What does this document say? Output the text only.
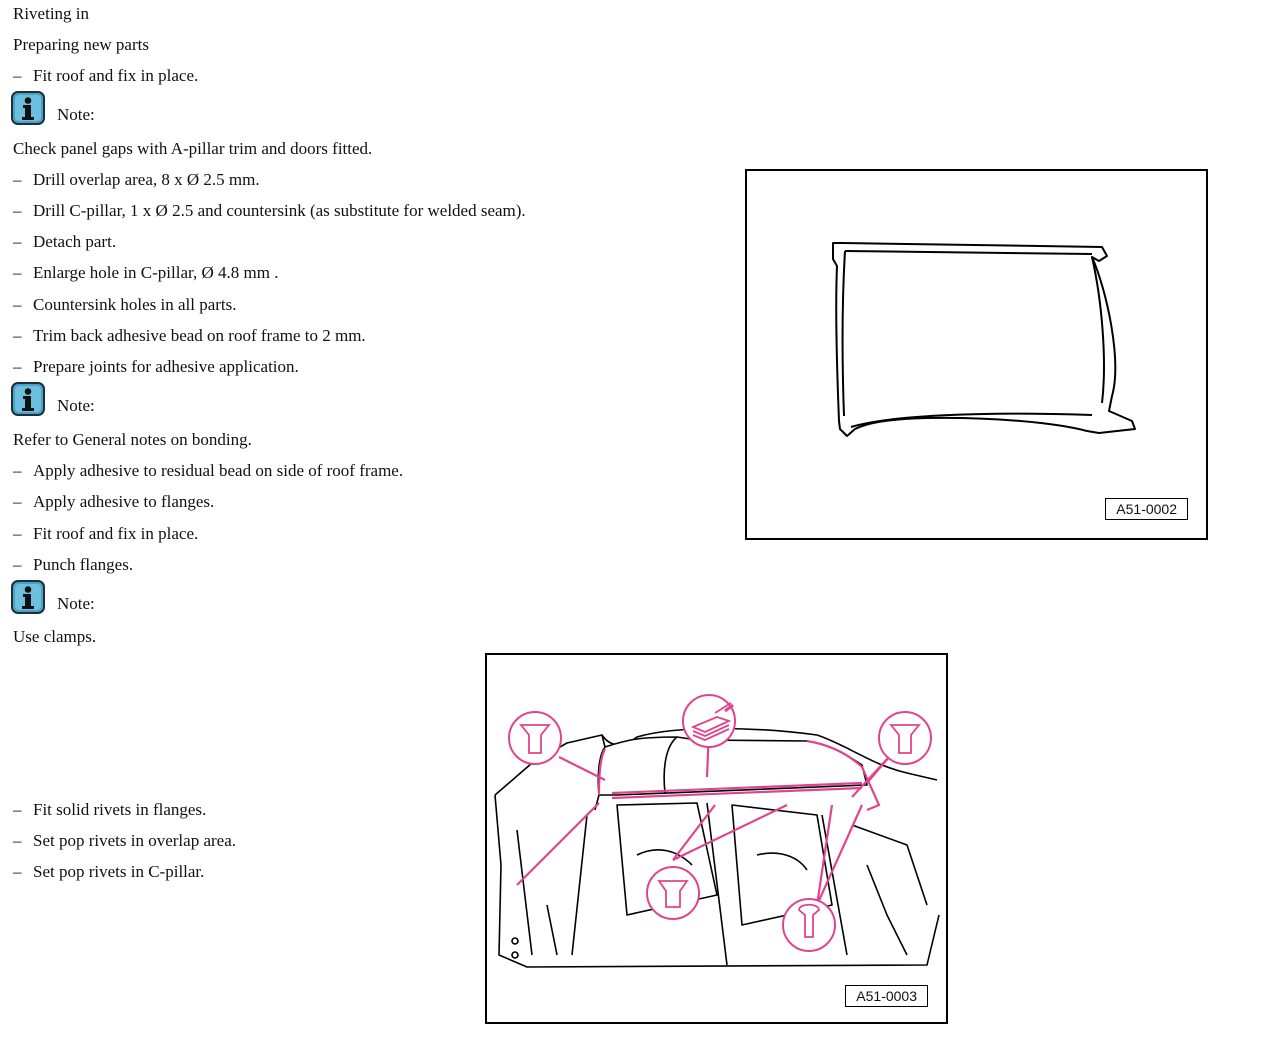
Riveting in
Preparing new parts
– Fit roof and fix in place.
Note:
Check panel gaps with A-pillar trim and doors fitted.
– Drill overlap area, 8 x Ø 2.5 mm.
– Drill C-pillar, 1 x Ø 2.5 and countersink (as substitute for welded seam).
– Detach part.
– Enlarge hole in C-pillar, Ø 4.8 mm .
– Countersink holes in all parts.
– Trim back adhesive bead on roof frame to 2 mm.
– Prepare joints for adhesive application.
Note:
Refer to General notes on bonding.
– Apply adhesive to residual bead on side of roof frame.
– Apply adhesive to flanges.
– Fit roof and fix in place.
– Punch flanges.
Note:
Use clamps.
– Fit solid rivets in flanges.
– Set pop rivets in overlap area.
– Set pop rivets in C-pillar.
A51-0002
A51-0003
